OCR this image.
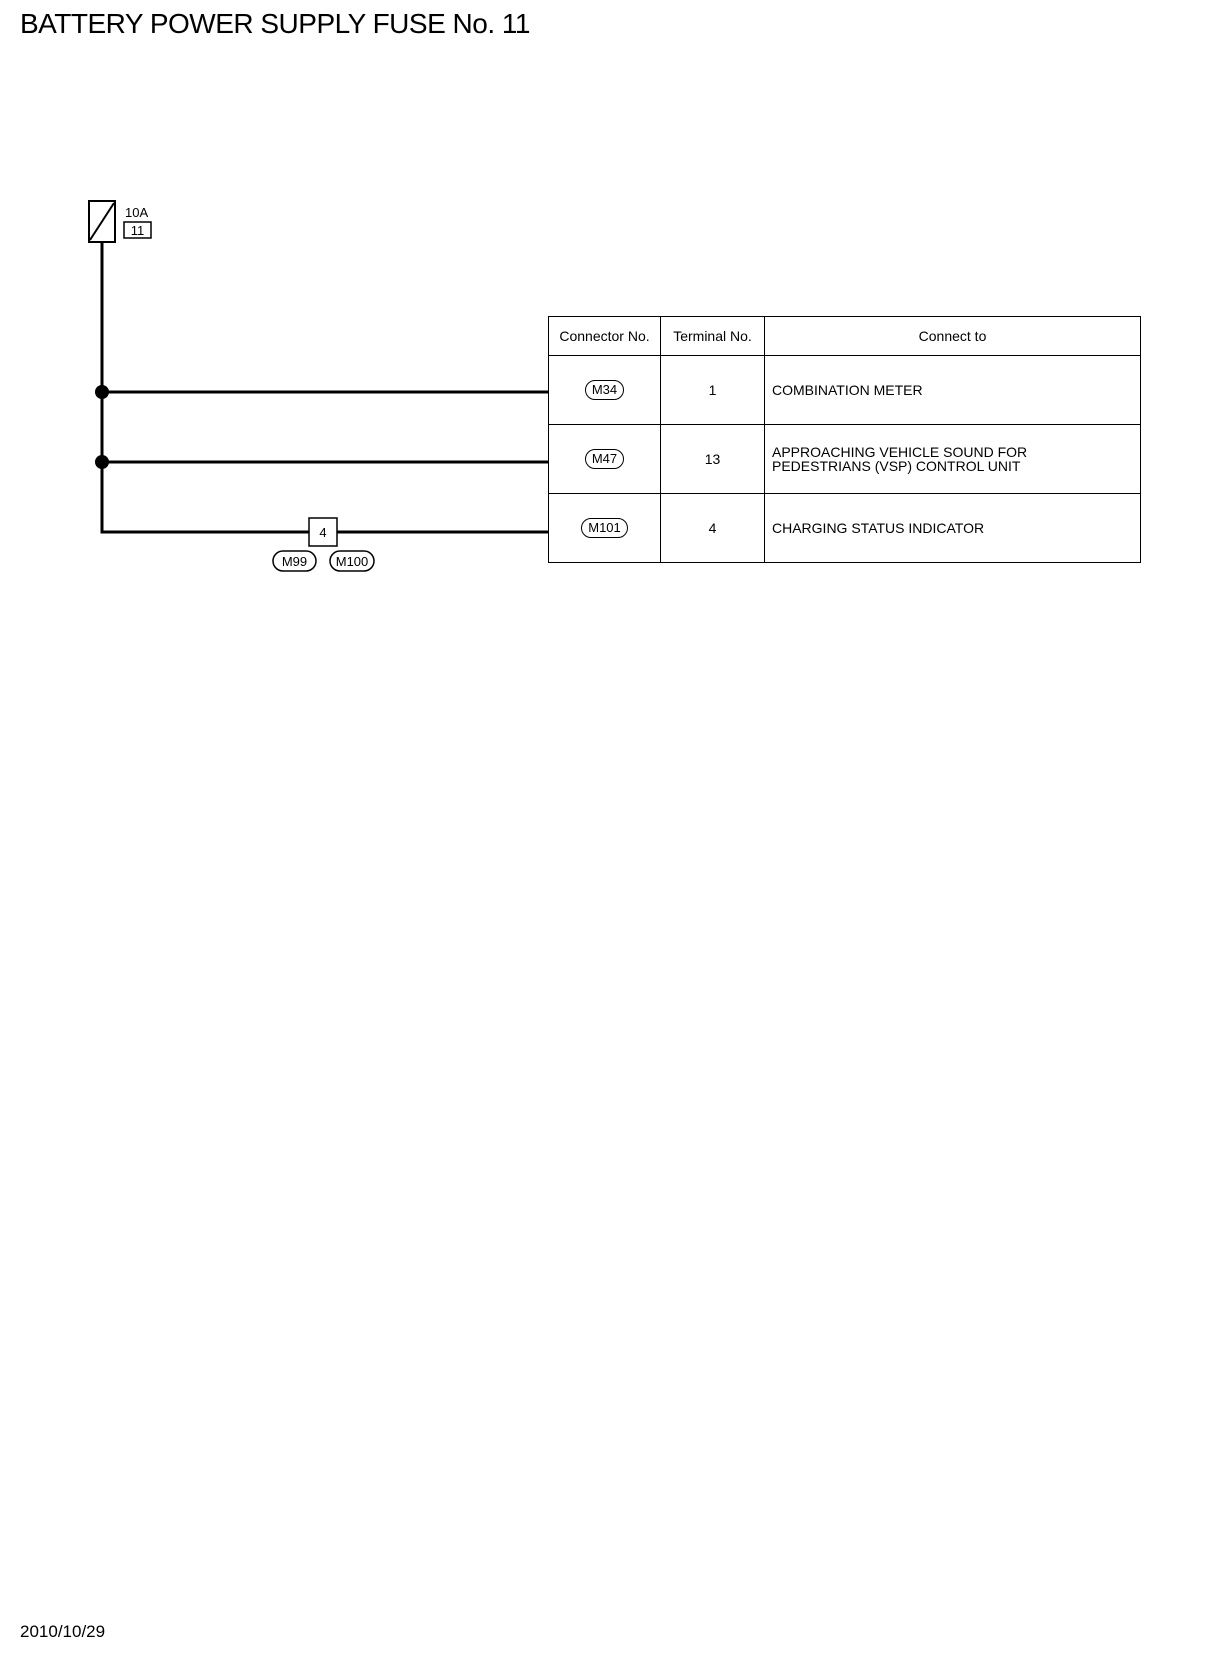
BATTERY POWER SUPPLY FUSE No. 11
10A
11
4
M99 M100
Connector No.	Terminal No.	Connect to
M34	1	COMBINATION METER

M47	13	APPROACHING VEHICLE SOUND FOR
PEDESTRIANS (VSP) CONTROL UNIT

M101	4	CHARGING STATUS INDICATOR
2010/10/29
